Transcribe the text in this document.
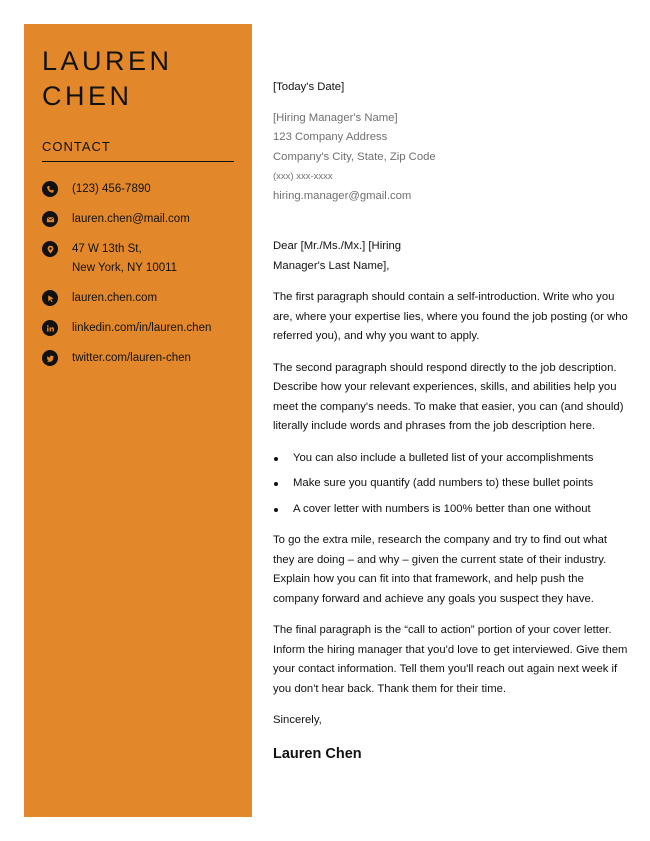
LAUREN
CHEN
CONTACT
(123) 456-7890
lauren.chen@mail.com
47 W 13th St,
New York, NY 10011
lauren.chen.com
linkedin.com/in/lauren.chen
twitter.com/lauren-chen

[Today's Date]

[Hiring Manager's Name]
123 Company Address
Company's City, State, Zip Code
(xxx) xxx-xxxx
hiring.manager@gmail.com

Dear [Mr./Ms./Mx.] [Hiring
Manager's Last Name],

The first paragraph should contain a self-introduction. Write who you are, where your expertise lies, where you found the job posting (or who referred you), and why you want to apply.

The second paragraph should respond directly to the job description. Describe how your relevant experiences, skills, and abilities help you meet the company's needs. To make that easier, you can (and should) literally include words and phrases from the job description here.

You can also include a bulleted list of your accomplishments
Make sure you quantify (add numbers to) these bullet points
A cover letter with numbers is 100% better than one without

To go the extra mile, research the company and try to find out what they are doing – and why – given the current state of their industry. Explain how you can fit into that framework, and help push the company forward and achieve any goals you suspect they have.

The final paragraph is the “call to action” portion of your cover letter. Inform the hiring manager that you'd love to get interviewed. Give them your contact information. Tell them you'll reach out again next week if you don't hear back. Thank them for their time.

Sincerely,

Lauren Chen
